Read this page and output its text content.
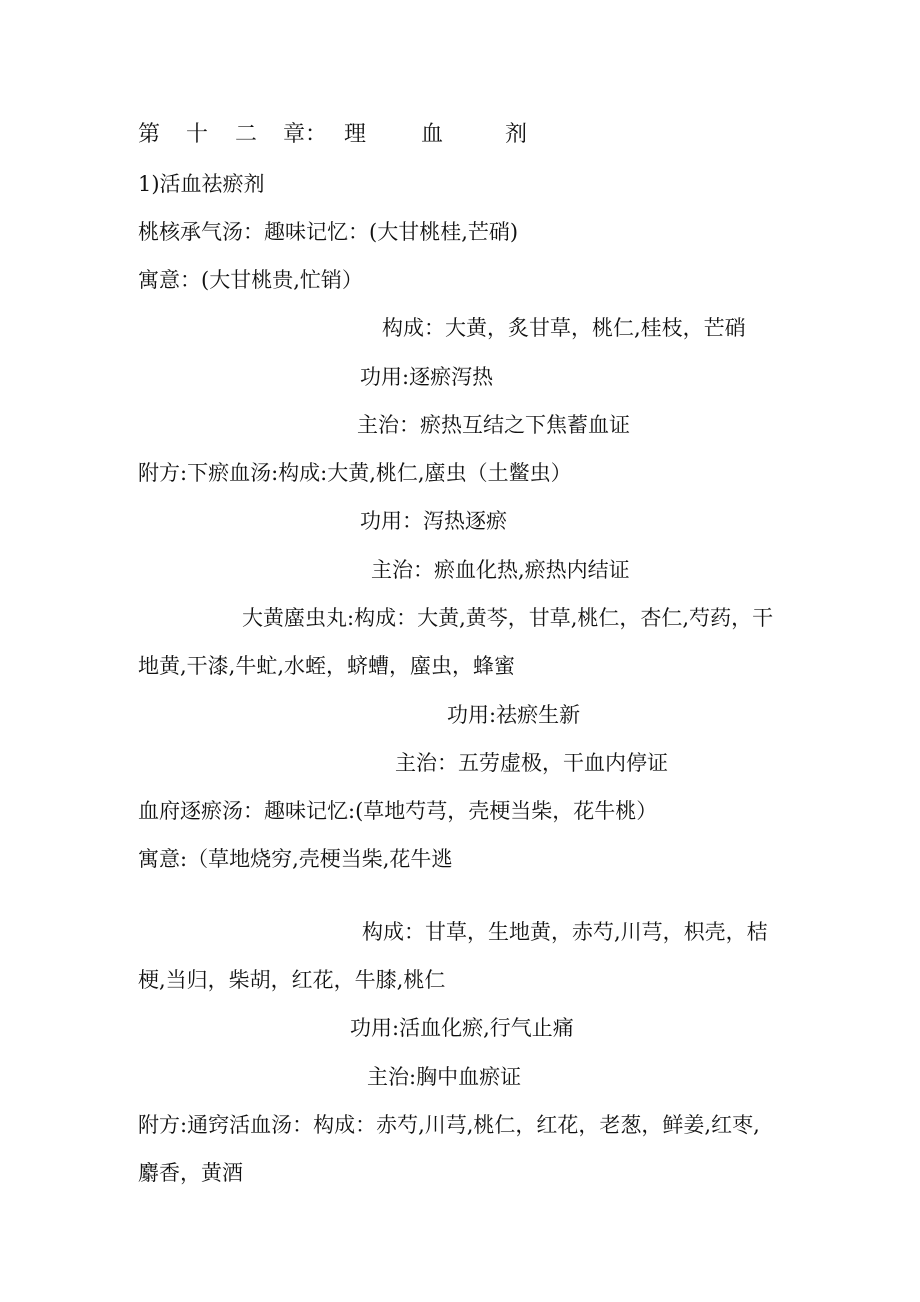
第 十 二 章： 理 血	剂
1)活血祛瘀剂
桃核承气汤：趣味记忆：(大甘桃桂,芒硝)
寓意：(大甘桃贵,忙销）
构成：大黄，炙甘草，桃仁,桂枝，芒硝
功用:逐瘀泻热
主治：瘀热互结之下焦蓄血证
附方:下瘀血汤:构成:大黄,桃仁,䗪虫（土鳖虫）
功用：泻热逐瘀
主治：瘀血化热,瘀热内结证
大黄䗪虫丸:构成：大黄,黄芩，甘草,桃仁，杏仁,芍药，干
地黄,干漆,牛虻,水蛭，蛴螬，䗪虫，蜂蜜
功用:祛瘀生新
主治：五劳虚极，干血内停证
血府逐瘀汤：趣味记忆:(草地芍芎，壳梗当柴，花牛桃）
寓意:（草地烧穷,壳梗当柴,花牛逃
构成：甘草，生地黄，赤芍,川芎，枳壳，桔
梗,当归，柴胡，红花，牛膝,桃仁
功用:活血化瘀,行气止痛
主治:胸中血瘀证
附方:通窍活血汤：构成：赤芍,川芎,桃仁，红花，老葱，鲜姜,红枣,
麝香，黄酒
